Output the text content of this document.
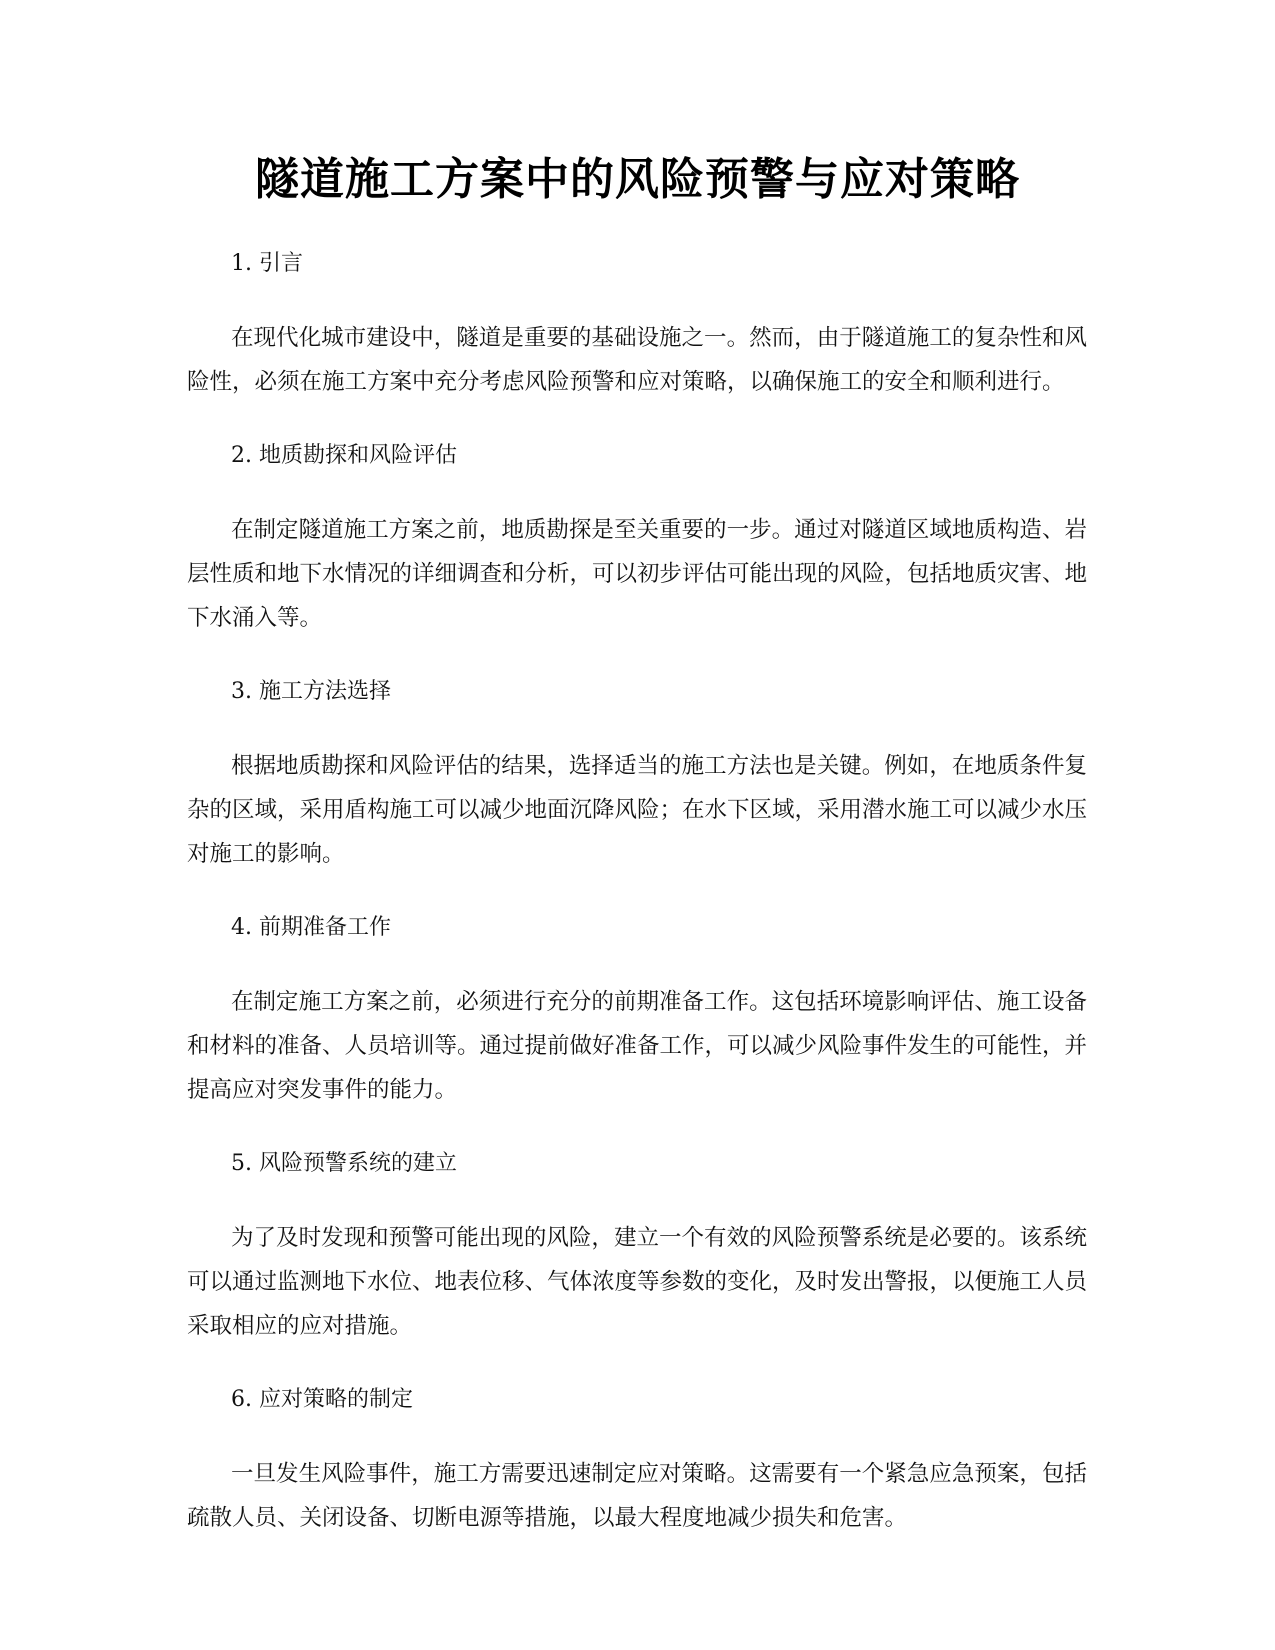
隧道施工方案中的风险预警与应对策略

1. 引言

在现代化城市建设中，隧道是重要的基础设施之一。然而，由于隧道施工的复杂性和风险性，必须在施工方案中充分考虑风险预警和应对策略，以确保施工的安全和顺利进行。

2. 地质勘探和风险评估

在制定隧道施工方案之前，地质勘探是至关重要的一步。通过对隧道区域地质构造、岩层性质和地下水情况的详细调查和分析，可以初步评估可能出现的风险，包括地质灾害、地下水涌入等。

3. 施工方法选择

根据地质勘探和风险评估的结果，选择适当的施工方法也是关键。例如，在地质条件复杂的区域，采用盾构施工可以减少地面沉降风险；在水下区域，采用潜水施工可以减少水压对施工的影响。

4. 前期准备工作

在制定施工方案之前，必须进行充分的前期准备工作。这包括环境影响评估、施工设备和材料的准备、人员培训等。通过提前做好准备工作，可以减少风险事件发生的可能性，并提高应对突发事件的能力。

5. 风险预警系统的建立

为了及时发现和预警可能出现的风险，建立一个有效的风险预警系统是必要的。该系统可以通过监测地下水位、地表位移、气体浓度等参数的变化，及时发出警报，以便施工人员采取相应的应对措施。

6. 应对策略的制定

一旦发生风险事件，施工方需要迅速制定应对策略。这需要有一个紧急应急预案，包括疏散人员、关闭设备、切断电源等措施，以最大程度地减少损失和危害。
